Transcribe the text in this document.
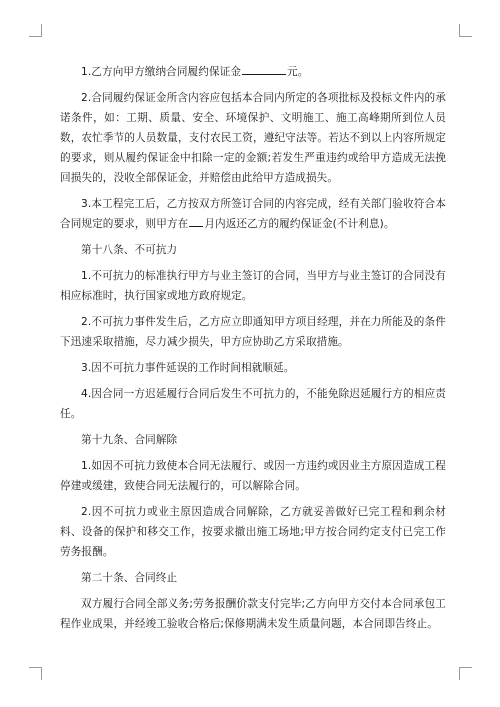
1.乙方向甲方缴纳合同履约保证金	元。

2.合同履约保证金所含内容应包括本合同内所定的各项批标及投标文件内的承诺条件，如：工期、质量、安全、环境保护、文明施工、施工高峰期所到位人员数，农忙季节的人员数量，支付农民工资，遵纪守法等。若达不到以上内容所规定的要求，则从履约保证金中扣除一定的金额;若发生严重违约或给甲方造成无法挽回损失的，没收全部保证金，并赔偿由此给甲方造成损失。

3.本工程完工后，乙方按双方所签订合同的内容完成，经有关部门验收符合本合同规定的要求，则甲方在 月内返还乙方的履约保证金(不计利息)。

第十八条、不可抗力

1.不可抗力的标准执行甲方与业主签订的合同，当甲方与业主签订的合同没有相应标准时，执行国家或地方政府规定。

2.不可抗力事件发生后，乙方应立即通知甲方项目经理，并在力所能及的条件下迅速采取措施，尽力减少损失，甲方应协助乙方采取措施。

3.因不可抗力事件延误的工作时间相就顺延。

4.因合同一方迟延履行合同后发生不可抗力的，不能免除迟延履行方的相应责任。

第十九条、合同解除

1.如因不可抗力致使本合同无法履行、或因一方违约或因业主方原因造成工程停建或缓建，致使合同无法履行的，可以解除合同。

2.因不可抗力或业主原因造成合同解除，乙方就妥善做好已完工程和剩余材料、设备的保护和移交工作，按要求撤出施工场地;甲方按合同约定支付已完工作劳务报酬。

第二十条、合同终止

双方履行合同全部义务;劳务报酬价款支付完毕;乙方向甲方交付本合同承包工程作业成果，并经竣工验收合格后;保修期满未发生质量问题，本合同即告终止。
